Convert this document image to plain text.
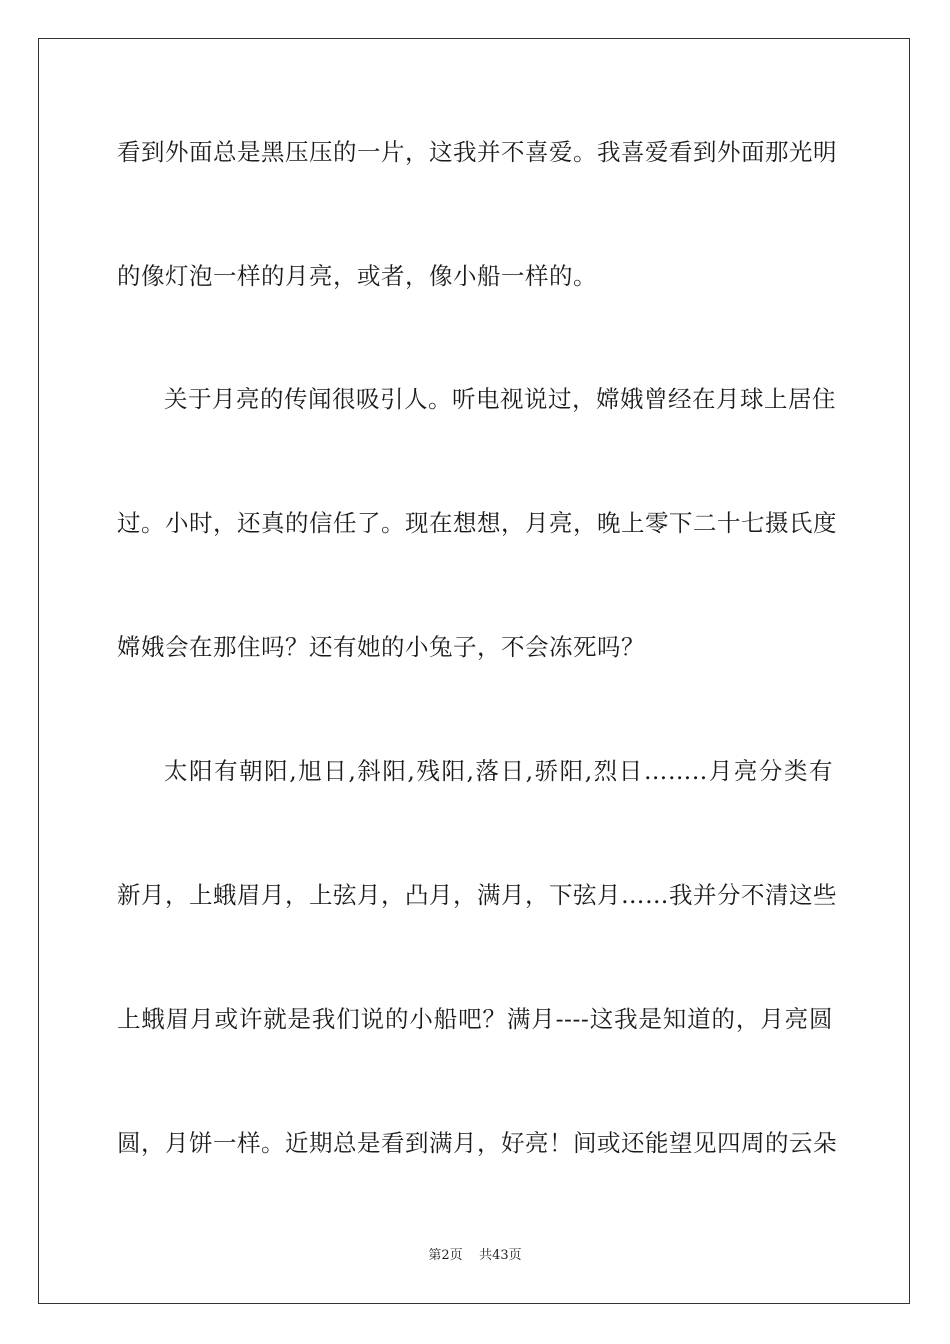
看到外面总是黑压压的一片，这我并不喜爱。我喜爱看到外面那光明
的像灯泡一样的月亮，或者，像小船一样的。
关于月亮的传闻很吸引人。听电视说过，嫦娥曾经在月球上居住
过。小时，还真的信任了。现在想想，月亮，晚上零下二十七摄氏度
嫦娥会在那住吗？还有她的小兔子，不会冻死吗？
太阳有朝阳,旭日,斜阳,残阳,落日,骄阳,烈日……..月亮分类有
新月，上蛾眉月，上弦月，凸月，满月，下弦月……我并分不清这些
上蛾眉月或许就是我们说的小船吧？满月----这我是知道的，月亮圆
圆，月饼一样。近期总是看到满月，好亮！间或还能望见四周的云朵
第2页 共43页
